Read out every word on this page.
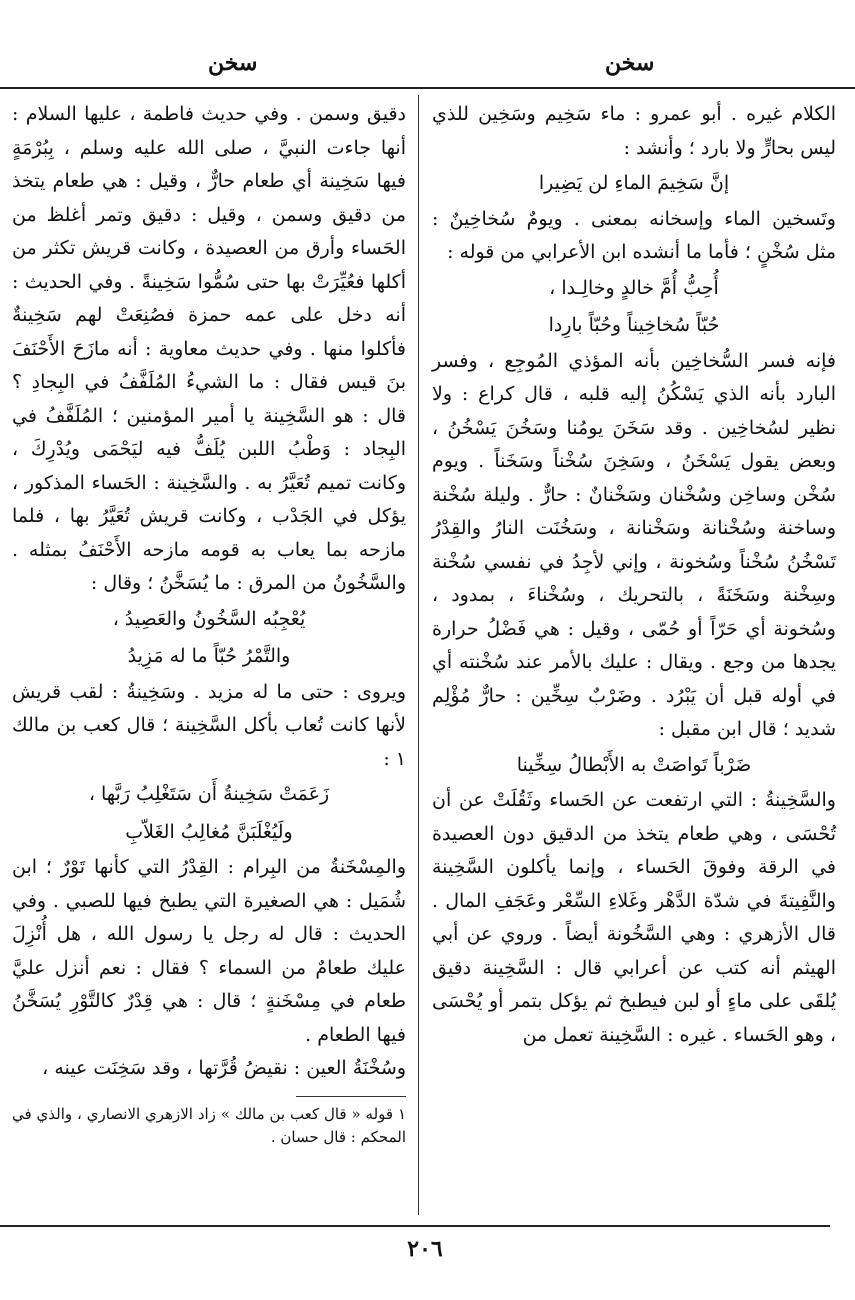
سخن
سخن

الكلام غيره . أبو عمرو : ماء سَخِيم وسَخِين للذي ليس بحارٍّ ولا بارد ؛ وأنشد :

إنَّ سَخِيمَ الماءِ لن يَضِيرا

وتَسخين الماء وإسخانه بمعنى . ويومٌ سُخاخِينٌ : مثل سُخْنٍ ؛ فأما ما أنشده ابن الأعرابي من قوله :

أُحِبُّ أُمَّ خالدٍ وخالِـدا ،

حُبّاً سُخاخِيناً وحُبّاً بارِدا

فإنه فسر السُّخاخِين بأنه المؤذي المُوجِع ، وفسر البارد بأنه الذي يَسْكُنُ إليه قلبه ، قال كراع : ولا نظير لسُخاخِين . وقد سَخَنَ يومُنا وسَخُنَ يَسْخُنُ ، وبعض يقول يَسْخَنُ ، وسَخِنَ سُخْناً وسَخَناً . ويوم سُخْن وساخِن وسُخْنان وسَخْنانٌ : حارٌّ . وليلة سُخْنة وساخنة وسُخْنانة وسَخْنانة ، وسَخُنَت النارُ والقِدْرُ تَسْخُنُ سُخْناً وسُخونة ، وإني لأجِدُ في نفسي سُخْنة وسِخْنة وسَخَنَةً ، بالتحريك ، وسُخْناءَ ، بمدود ، وسُخونة أي حَرّاً أو حُمّى ، وقيل : هي فَضْلُ حرارة يجدها من وجع . ويقال : عليك بالأمر عند سُخْنته أي في أوله قبل أن يَبْرُد . وضَرْبٌ سِخِّين : حارٌّ مُؤْلِم شديد ؛ قال ابن مقبل :

ضَرْباً تَواصَتْ به الأَبْطالُ سِخِّينا

والسَّخِينةُ : التي ارتفعت عن الحَساء وثَقُلَتْ عن أن تُحْسَى ، وهي طعام يتخذ من الدقيق دون العصيدة في الرقة وفوقَ الحَساء ، وإنما يأكلون السَّخِينة والنَّفِيتةَ في شدّة الدَّهْر وغَلاءِ السِّعْر وعَجَفِ المال . قال الأزهري : وهي السَّخُونة أيضاً . وروي عن أبي الهيثم أنه كتب عن أعرابي قال : السَّخِينة دقيق يُلقَى على ماءٍ أو لبن فيطبخ ثم يؤكل بتمر أو يُحْسَى ، وهو الحَساء . غيره : السَّخِينة تعمل من

دقيق وسمن . وفي حديث فاطمة ، عليها السلام : أنها جاءت النبيَّ ، صلى الله عليه وسلم ، بِبُرْمَةٍ فيها سَخِينة أي طعام حارٌّ ، وقيل : هي طعام يتخذ من دقيق وسمن ، وقيل : دقيق وتمر أغلظ من الحَساء وأرق من العصيدة ، وكانت قريش تكثر من أكلها فعُيِّرَتْ بها حتى سُمُّوا سَخِينةً . وفي الحديث : أنه دخل على عمه حمزة فصُنِعَتْ لهم سَخِينةٌ فأكلوا منها . وفي حديث معاوية : أنه مازَحَ الأَحْنَفَ بنَ قيس فقال : ما الشيءُ المُلَفَّفُ في البِجادِ ؟ قال : هو السَّخِينة يا أمير المؤمنين ؛ المُلَفَّفُ في البِجاد : وَطْبُ اللبن يُلَفُّ فيه ليَحْمَى ويُدْرِكَ ، وكانت تميم تُعَيَّرُ به . والسَّخِينة : الحَساء المذكور ، يؤكل في الجَدْب ، وكانت قريش تُعَيَّرُ بها ، فلما مازحه بما يعاب به قومه مازحه الأَحْنَفُ بمثله . والسَّخُونُ من المرق : ما يُسَخَّنُ ؛ وقال :

يُعْجِبُه السَّخُونُ والعَصِيدُ ،

والتَّمْرُ حُبّاً ما له مَزِيدُ

ويروى : حتى ما له مزيد . وسَخِينةُ : لقب قريش لأنها كانت تُعاب بأكل السَّخِينة ؛ قال كعب بن مالك ١ :

زَعَمَتْ سَخِينةُ أَن سَتَغْلِبُ رَبَّها ،

ولَيُغْلَبَنَّ مُغالِبُ الغَلاّبِ

والمِسْخَنةُ من البِرام : القِدْرُ التي كأنها تَوْرٌ ؛ ابن شُمَيل : هي الصغيرة التي يطبخ فيها للصبي . وفي الحديث : قال له رجل يا رسول الله ، هل أُنْزِلَ عليك طعامٌ من السماء ؟ فقال : نعم أنزل عليَّ طعام في مِسْخَنةٍ ؛ قال : هي قِدْرٌ كالتَّوْرِ يُسَخَّنُ فيها الطعام .

وسُخْنَةُ العين : نقيضُ قُرَّتها ، وقد سَخِنَت عينه ،

١ قوله « قال كعب بن مالك » زاد الازهري الانصاري ، والذي في المحكم : قال حسان .

٢٠٦
